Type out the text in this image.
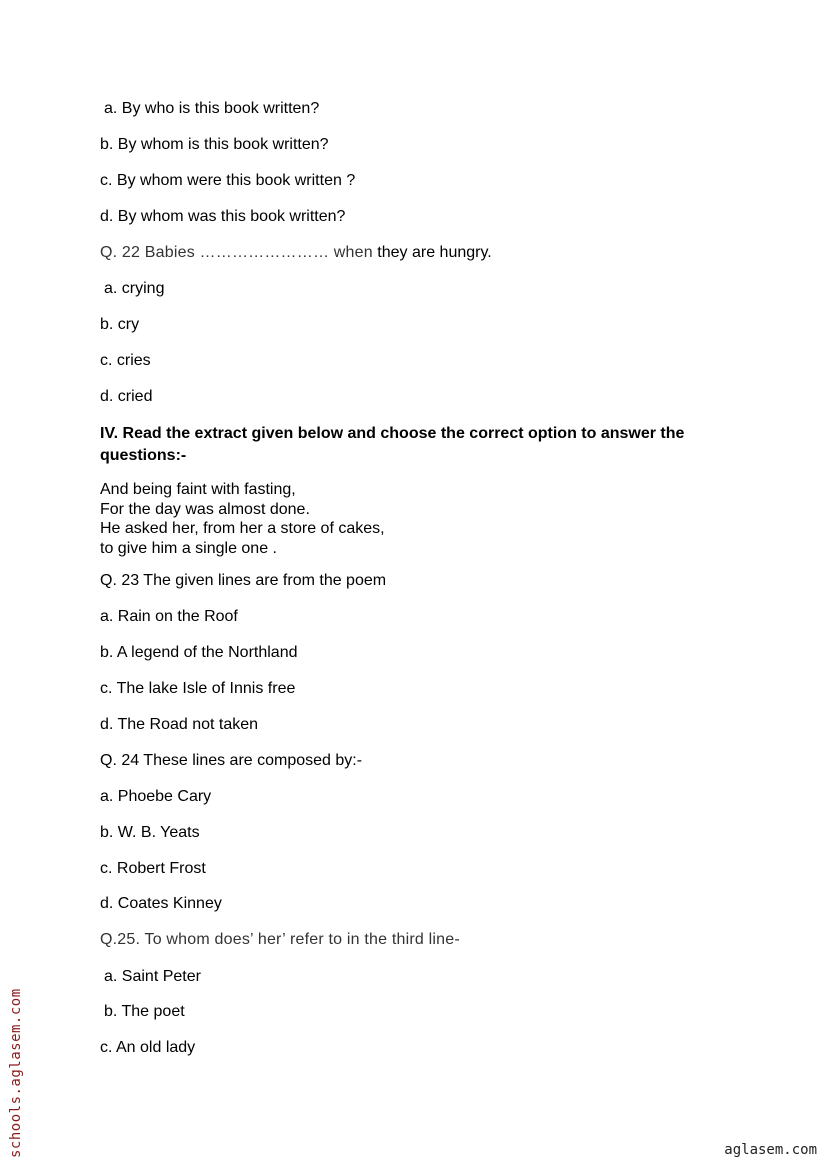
a. By who is this book written?
b. By whom is this book written?
c. By whom were this book written ?
d. By whom was this book written?
Q. 22 Babies …………………… when they are hungry.
a. crying
b. cry
c. cries
d. cried
IV. Read the extract given below and choose the correct option to answer the
questions:-
And being faint with fasting,
For the day was almost done.
He asked her, from her a store of cakes,
to give him a single one .
Q. 23 The given lines are from the poem
a. Rain on the Roof
b. A legend of the Northland
c. The lake Isle of Innis free
d. The Road not taken
Q. 24 These lines are composed by:-
a. Phoebe Cary
b. W. B. Yeats
c. Robert Frost
d. Coates Kinney
Q.25. To whom does’ her’ refer to in the third line-
a. Saint Peter
b. The poet
c. An old lady
schools.aglasem.com	aglasem.com
